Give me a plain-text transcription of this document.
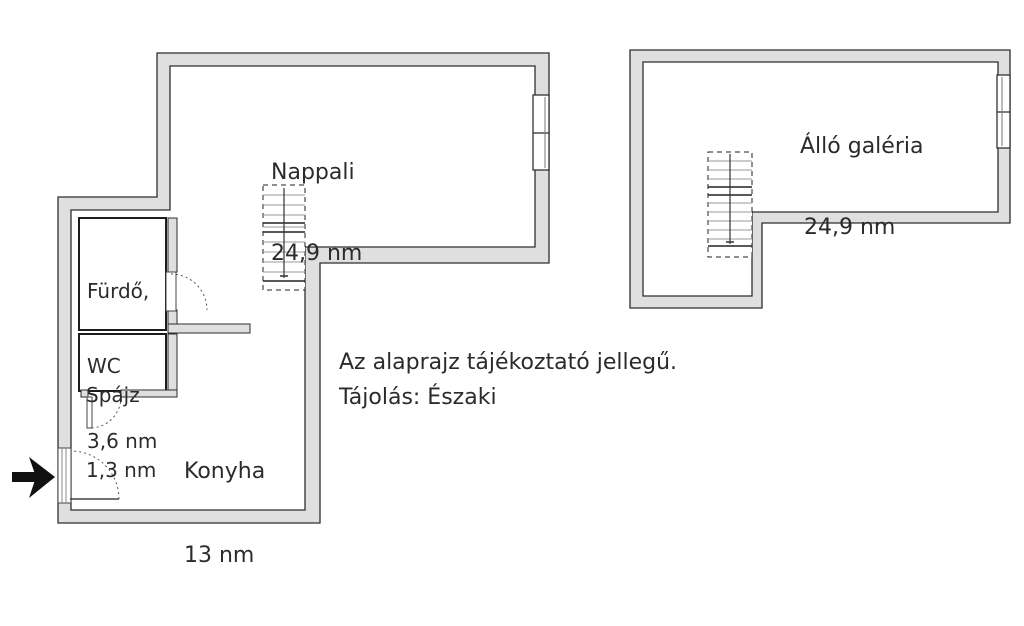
Nappali

24,9 nm

Fürdő,

WC

3,6 nm

Spájz

1,3 nm

Konyha

13 nm

Álló galéria

24,9 nm

Az alaprajz tájékoztató jellegű.
Tájolás: Északi
